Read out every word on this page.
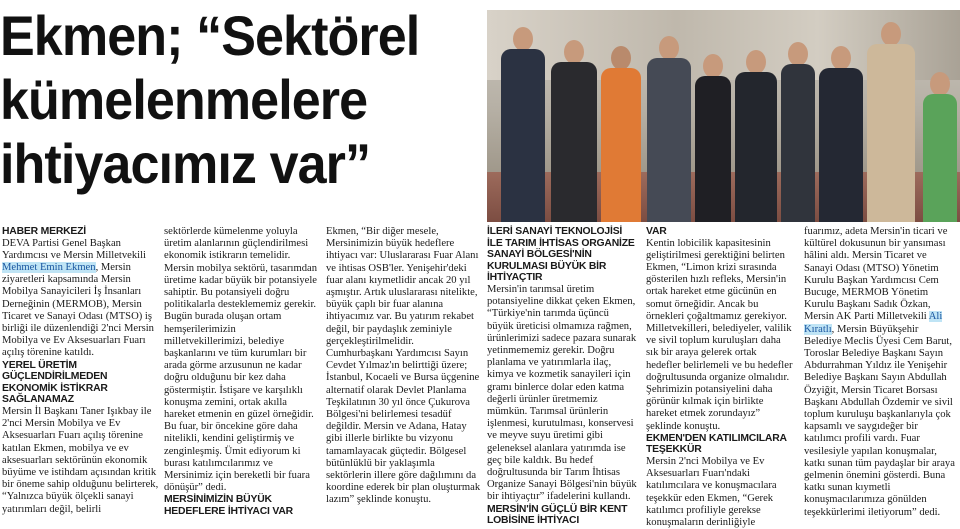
Ekmen; “Sektörel
kümelenmelere
ihtiyacımız var”

HABER MERKEZİ

DEVA Partisi Genel Başkan Yardımcısı ve Mersin Milletvekili Mehmet Emin Ekmen, Mersin ziyaretleri kapsamında Mersin Mobilya Sanayicileri İş İnsanları Derneğinin (MERMOB), Mersin Ticaret ve Sanayi Odası (MTSO) iş birliği ile düzenlendiği 2'nci Mersin Mobilya ve Ev Aksesuarları Fuarı açılış törenine katıldı.

YEREL ÜRETİM GÜÇLENDİRİLMEDEN EKONOMİK İSTİKRAR SAĞLANAMAZ

Mersin İl Başkanı Taner Işıkbay ile 2'nci Mersin Mobilya ve Ev Aksesuarları Fuarı açılış törenine katılan Ekmen, mobilya ve ev aksesuarları sektörünün ekonomik büyüme ve istihdam açısından kritik bir öneme sahip olduğunu belirterek, “Yalnızca büyük ölçekli sanayi yatırımları değil, belirli

sektörlerde kümelenme yoluyla üretim alanlarının güçlendirilmesi ekonomik istikrarın temelidir. Mersin mobilya sektörü, tasarımdan üretime kadar büyük bir potansiyele sahiptir. Bu potansiyeli doğru politikalarla desteklememiz gerekir. Bugün burada oluşan ortam hemşerilerimizin milletvekillerimizi, belediye başkanlarını ve tüm kurumları bir arada görme arzusunun ne kadar doğru olduğunu bir kez daha göstermiştir. İstişare ve karşılıklı konuşma zemini, ortak akılla hareket etmenin en güzel örneğidir. Bu fuar, bir öncekine göre daha nitelikli, kendini geliştirmiş ve zenginleşmiş. Ümit ediyorum ki burası katılımcılarımız ve Mersinimiz için bereketli bir fuara dönüşür” dedi.

MERSİNİMİZİN BÜYÜK HEDEFLERE İHTİYACI VAR

Ekmen, “Bir diğer mesele, Mersinimizin büyük hedeflere ihtiyacı var: Uluslararası Fuar Alanı ve ihtisas OSB'ler. Yenişehir'deki fuar alanı kıymetlidir ancak 20 yıl aşmıştır. Artık uluslararası nitelikte, büyük çaplı bir fuar alanına ihtiyacımız var. Bu yatırım rekabet değil, bir paydaşlık zeminiyle gerçekleştirilmelidir.

Cumhurbaşkanı Yardımcısı Sayın Cevdet Yılmaz'ın belirttiği üzere; İstanbul, Kocaeli ve Bursa üçgenine alternatif olarak Devlet Planlama Teşkilatının 30 yıl önce Çukurova Bölgesi'ni belirlemesi tesadüf değildir. Mersin ve Adana, Hatay gibi illerle birlikte bu vizyonu tamamlayacak güçtedir. Bölgesel bütünlüklü bir yaklaşımla sektörlerin illere göre dağılımını da koordine ederek bir plan oluşturmak lazım” şeklinde konuştu.

İLERİ SANAYİ TEKNOLOJİSİ İLE TARIM İHTİSAS ORGANİZE SANAYİ BÖLGESİ'NİN KURULMASI BÜYÜK BİR İHTİYAÇTIR

Mersin'in tarımsal üretim potansiyeline dikkat çeken Ekmen, “Türkiye'nin tarımda üçüncü büyük üreticisi olmamıza rağmen, ürünlerimizi sadece pazara sunarak yetinmememiz gerekir. Doğru planlama ve yatırımlarla ilaç, kimya ve kozmetik sanayileri için gramı binlerce dolar eden katma değerli ürünler üretmemiz mümkün. Tarımsal ürünlerin işlenmesi, kurutulması, konservesi ve meyve suyu üretimi gibi geleneksel alanlara yatırımda ise geç bile kaldık. Bu hedef doğrultusunda bir Tarım İhtisas Organize Sanayi Bölgesi'nin büyük bir ihtiyaçtır” ifadelerini kullandı.

MERSİN'İN GÜÇLÜ BİR KENT LOBİSİNE İHTİYACI

VAR

Kentin lobicilik kapasitesinin geliştirilmesi gerektiğini belirten Ekmen, “Limon krizi sırasında gösterilen hızlı refleks, Mersin'in ortak hareket etme gücünün en somut örneğidir. Ancak bu örnekleri çoğaltmamız gerekiyor. Milletvekilleri, belediyeler, valilik ve sivil toplum kuruluşları daha sık bir araya gelerek ortak hedefler belirlemeli ve bu hedefler doğrultusunda organize olmalıdır. Şehrimizin potansiyelini daha görünür kılmak için birlikte hareket etmek zorundayız” şeklinde konuştu.

EKMEN'DEN KATILIMCILARA TEŞEKKÜR

Mersin 2'nci Mobilya ve Ev Aksesuarları Fuarı'ndaki katılımcılara ve konuşmacılara teşekkür eden Ekmen, “Gerek katılımcı profiliyle gerekse konuşmaların derinliğiyle

fuarımız, adeta Mersin'in ticari ve kültürel dokusunun bir yansıması hâlini aldı. Mersin Ticaret ve Sanayi Odası (MTSO) Yönetim Kurulu Başkan Yardımcısı Cem Bucuge, MERMOB Yönetim Kurulu Başkanı Sadık Özkan, Mersin AK Parti Milletvekili Ali Kıratlı, Mersin Büyükşehir Belediye Meclis Üyesi Cem Barut, Toroslar Belediye Başkanı Sayın Abdurrahman Yıldız ile Yenişehir Belediye Başkanı Sayın Abdullah Özyiğit, Mersin Ticaret Borsası Başkanı Abdullah Özdemir ve sivil toplum kuruluşu başkanlarıyla çok kapsamlı ve saygıdeğer bir katılımcı profili vardı. Fuar vesilesiyle yapılan konuşmalar, katkı sunan tüm paydaşlar bir araya gelmenin önemini gösterdi. Buna katkı sunan kıymetli konuşmacılarımıza gönülden teşekkürlerimi iletiyorum” dedi.
